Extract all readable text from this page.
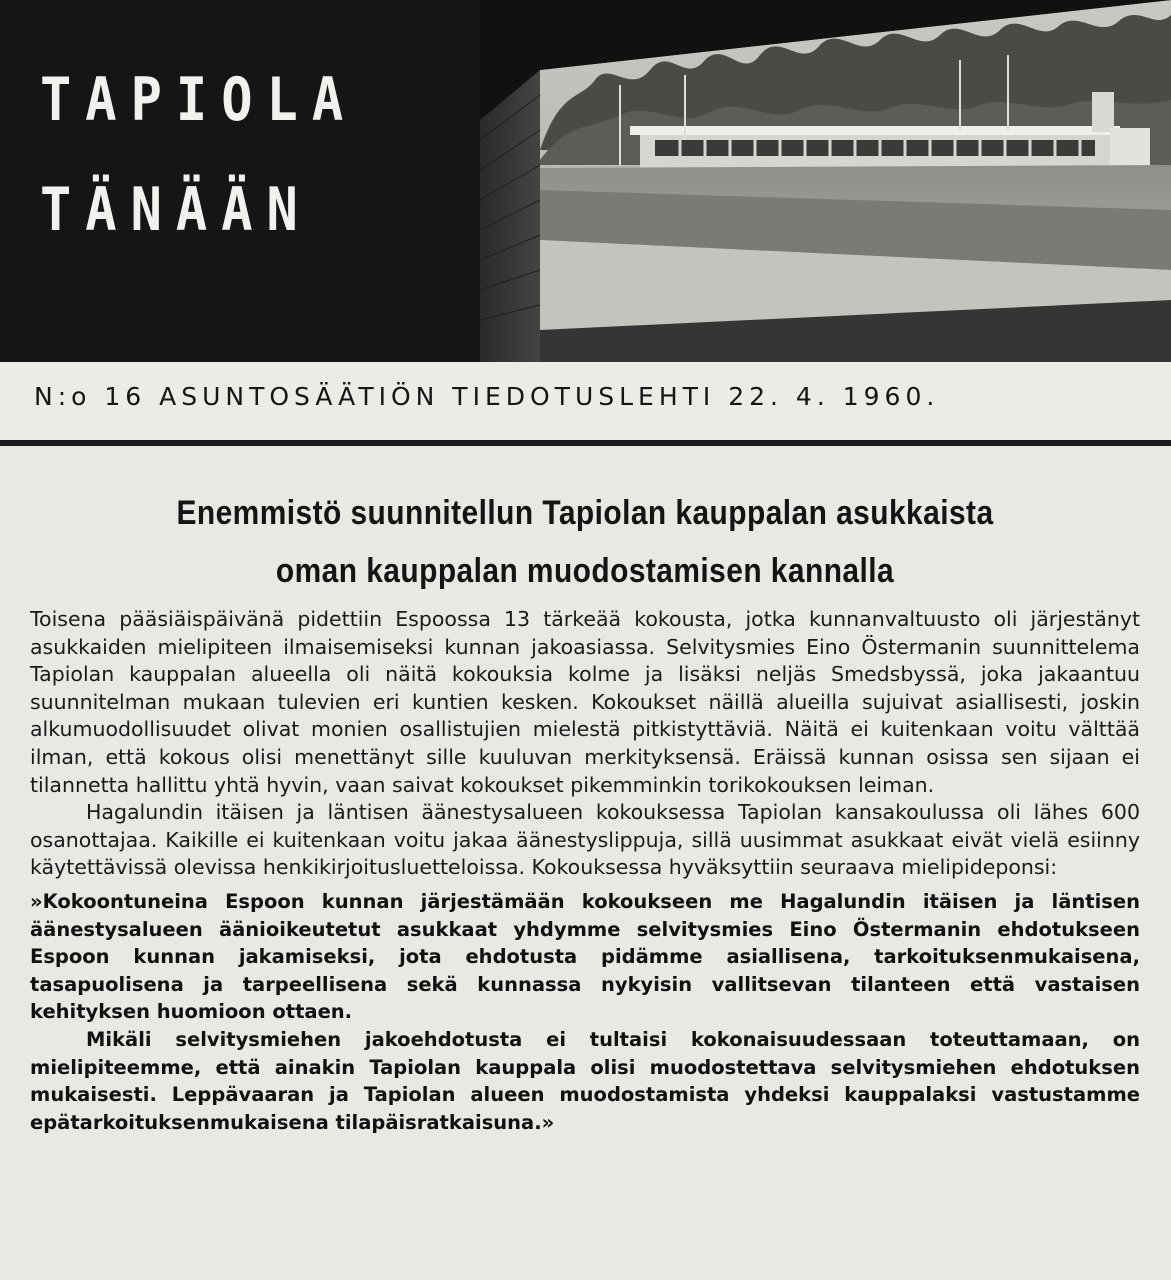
TAPIOLA
TÄNÄÄN
N:o 16 ASUNTOSÄÄTIÖN TIEDOTUSLEHTI 22. 4. 1960.
Enemmistö suunnitellun Tapiolan kauppalan asukkaista
oman kauppalan muodostamisen kannalla

Toisena pääsiäispäivänä pidettiin Espoossa 13 tärkeää kokousta, jotka kunnanvaltuusto oli järjestänyt asukkaiden mielipiteen ilmaisemiseksi kunnan jakoasiassa. Selvitysmies Eino Östermanin suunnittelema Tapiolan kauppalan alueella oli näitä kokouksia kolme ja lisäksi neljäs Smedsbyssä, joka jakaantuu suunnitelman mukaan tulevien eri kuntien kesken. Kokoukset näillä alueilla sujuivat asiallisesti, joskin alkumuodollisuudet olivat monien osallistujien mielestä pitkistyttäviä. Näitä ei kuitenkaan voitu välttää ilman, että kokous olisi menettänyt sille kuuluvan merkityksensä. Eräissä kunnan osissa sen sijaan ei tilannetta hallittu yhtä hyvin, vaan saivat kokoukset pikemminkin torikokouksen leiman.

Hagalundin itäisen ja läntisen äänestysalueen kokouksessa Tapiolan kansakoulussa oli lähes 600 osanottajaa. Kaikille ei kuitenkaan voitu jakaa äänestyslippuja, sillä uusimmat asukkaat eivät vielä esiinny käytettävissä olevissa henkikirjoitusluetteloissa. Kokouksessa hyväksyttiin seuraava mielipideponsi:

»Kokoontuneina Espoon kunnan järjestämään kokoukseen me Hagalundin itäisen ja läntisen äänestysalueen äänioikeutetut asukkaat yhdymme selvitysmies Eino Östermanin ehdotukseen Espoon kunnan jakamiseksi, jota ehdotusta pidämme asiallisena, tarkoituksenmukaisena, tasapuolisena ja tarpeellisena sekä kunnassa nykyisin vallitsevan tilanteen että vastaisen kehityksen huomioon ottaen.

Mikäli selvitysmiehen jakoehdotusta ei tultaisi kokonaisuudessaan toteuttamaan, on mielipiteemme, että ainakin Tapiolan kauppala olisi muodostettava selvitysmiehen ehdotuksen mukaisesti. Leppävaaran ja Tapiolan alueen muodostamista yhdeksi kauppalaksi vastustamme epätarkoituksenmukaisena tilapäisratkaisuna.»
